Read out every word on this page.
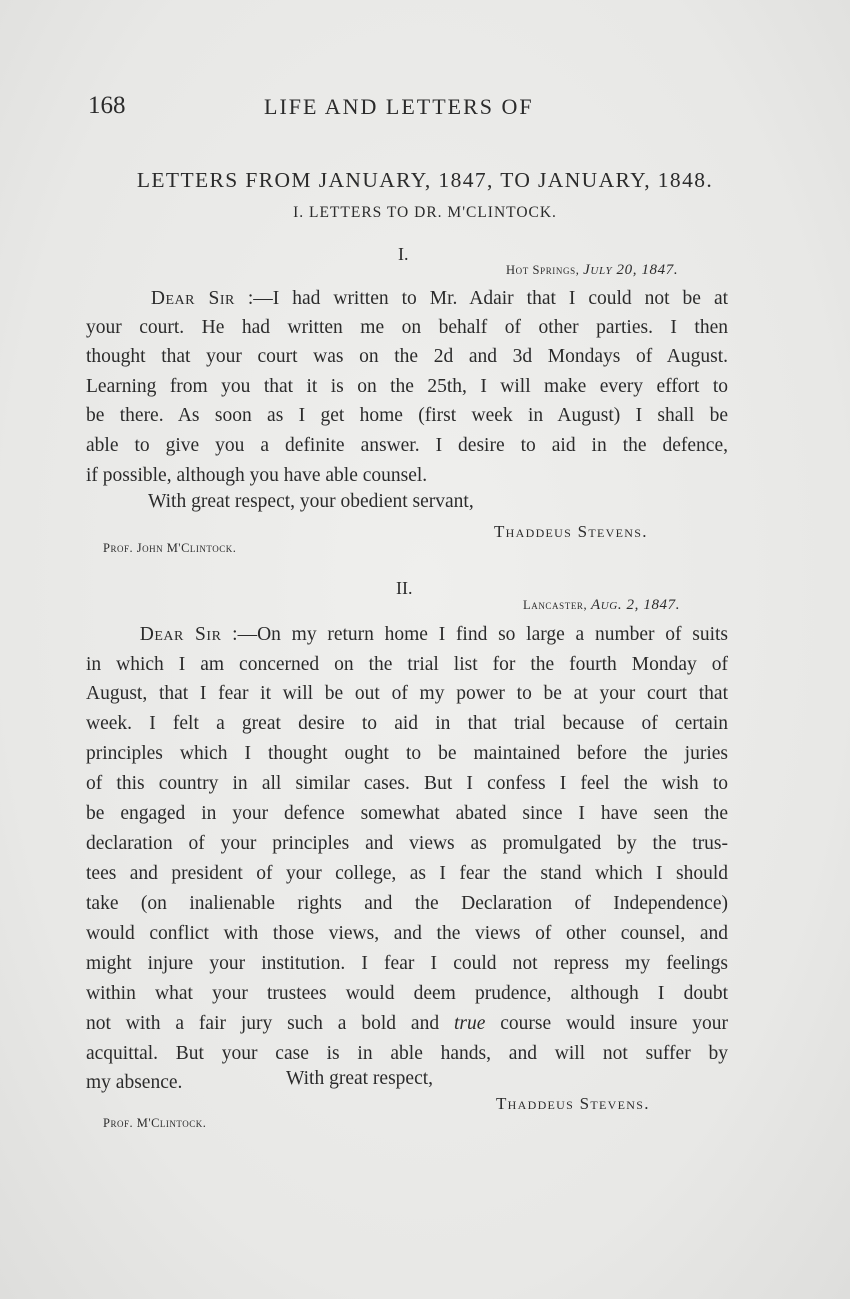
168	LIFE AND LETTERS OF
LETTERS FROM JANUARY, 1847, TO JANUARY, 1848.
I. LETTERS TO DR. M'CLINTOCK.
I.
Hot Springs, July 20, 1847.
Dear Sir :—I had written to Mr. Adair that I could not be at
your court. He had written me on behalf of other parties. I then
thought that your court was on the 2d and 3d Mondays of August.
Learning from you that it is on the 25th, I will make every effort to
be there. As soon as I get home (first week in August) I shall be
able to give you a definite answer. I desire to aid in the defence,
if possible, although you have able counsel.
With great respect, your obedient servant,
Thaddeus Stevens.
Prof. John M'Clintock.
II.
Lancaster, Aug. 2, 1847.
Dear Sir :—On my return home I find so large a number of suits
in which I am concerned on the trial list for the fourth Monday of
August, that I fear it will be out of my power to be at your court that
week. I felt a great desire to aid in that trial because of certain
principles which I thought ought to be maintained before the juries
of this country in all similar cases. But I confess I feel the wish to
be engaged in your defence somewhat abated since I have seen the
declaration of your principles and views as promulgated by the trus-
tees and president of your college, as I fear the stand which I should
take (on inalienable rights and the Declaration of Independence)
would conflict with those views, and the views of other counsel, and
might injure your institution. I fear I could not repress my feelings
within what your trustees would deem prudence, although I doubt
not with a fair jury such a bold and true course would insure your
acquittal. But your case is in able hands, and will not suffer by
my absence.	With great respect,
Thaddeus Stevens.
Prof. M'Clintock.
